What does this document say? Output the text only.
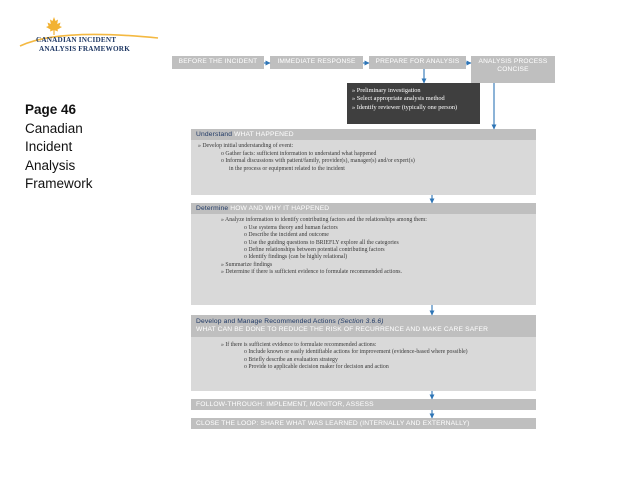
CANADIAN INCIDENT
ANALYSIS FRAMEWORK
Page 46
Canadian
Incident
Analysis
Framework
BEFORE THE INCIDENT	IMMEDIATE RESPONSE	PREPARE FOR ANALYSIS	ANALYSIS PROCESS
CONCISE
» Preliminary investigation
» Select appropriate analysis method
» Identify reviewer (typically one person)
Understand WHAT HAPPENED
» Develop initial understanding of event:
o Gather facts: sufficient information to understand what happened
o Informal discussions with patient/family, provider(s), manager(s) and/or expert(s)
in the process or equipment related to the incident
Determine HOW AND WHY IT HAPPENED
» Analyze information to identify contributing factors and the relationships among them:
o Use systems theory and human factors
o Describe the incident and outcome
o Use the guiding questions to BRIEFLY explore all the categories
o Define relationships between potential contributing factors
o Identify findings (can be highly relational)
» Summarize findings
» Determine if there is sufficient evidence to formulate recommended actions.
Develop and Manage Recommended Actions (Section 3.6.6)
WHAT CAN BE DONE TO REDUCE THE RISK OF RECURRENCE AND MAKE CARE SAFER
» If there is sufficient evidence to formulate recommended actions:
o Include known or easily identifiable actions for improvement (evidence-based where possible)
o Briefly describe an evaluation strategy
o Provide to applicable decision maker for decision and action
FOLLOW-THROUGH: IMPLEMENT, MONITOR, ASSESS
CLOSE THE LOOP: SHARE WHAT WAS LEARNED (INTERNALLY AND EXTERNALLY)
